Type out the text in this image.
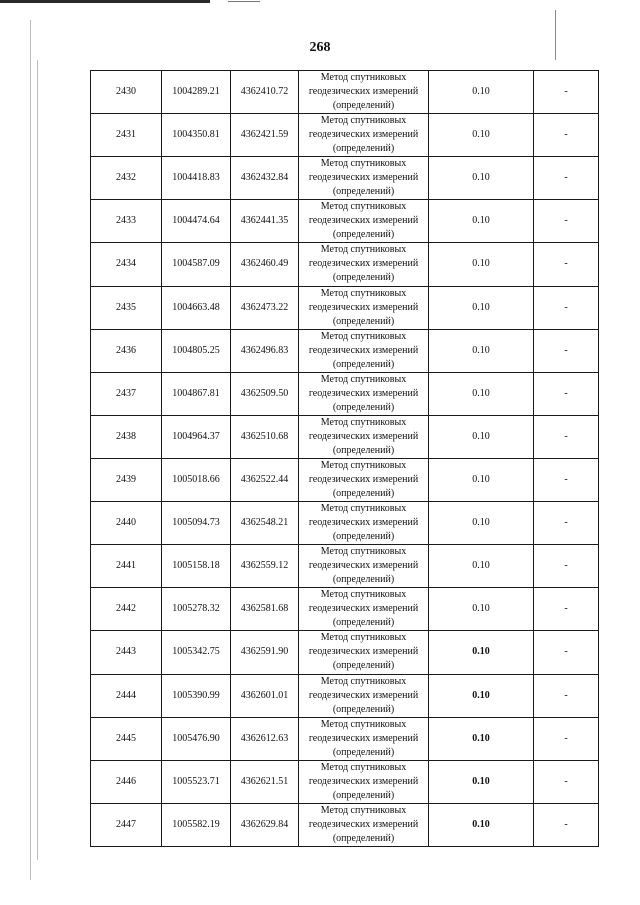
268
2430	1004289.21	4362410.72	Метод спутниковых
геодезических измерений
(определений)	0.10	-
2431	1004350.81	4362421.59	Метод спутниковых
геодезических измерений
(определений)	0.10	-
2432	1004418.83	4362432.84	Метод спутниковых
геодезических измерений
(определений)	0.10	-
2433	1004474.64	4362441.35	Метод спутниковых
геодезических измерений
(определений)	0.10	-
2434	1004587.09	4362460.49	Метод спутниковых
геодезических измерений
(определений)	0.10	-
2435	1004663.48	4362473.22	Метод спутниковых
геодезических измерений
(определений)	0.10	-
2436	1004805.25	4362496.83	Метод спутниковых
геодезических измерений
(определений)	0.10	-
2437	1004867.81	4362509.50	Метод спутниковых
геодезических измерений
(определений)	0.10	-
2438	1004964.37	4362510.68	Метод спутниковых
геодезических измерений
(определений)	0.10	-
2439	1005018.66	4362522.44	Метод спутниковых
геодезических измерений
(определений)	0.10	-
2440	1005094.73	4362548.21	Метод спутниковых
геодезических измерений
(определений)	0.10	-
2441	1005158.18	4362559.12	Метод спутниковых
геодезических измерений
(определений)	0.10	-
2442	1005278.32	4362581.68	Метод спутниковых
геодезических измерений
(определений)	0.10	-
2443	1005342.75	4362591.90	Метод спутниковых
геодезических измерений
(определений)	0.10	-
2444	1005390.99	4362601.01	Метод спутниковых
геодезических измерений
(определений)	0.10	-
2445	1005476.90	4362612.63	Метод спутниковых
геодезических измерений
(определений)	0.10	-
2446	1005523.71	4362621.51	Метод спутниковых
геодезических измерений
(определений)	0.10	-
2447	1005582.19	4362629.84	Метод спутниковых
геодезических измерений
(определений)	0.10	-
